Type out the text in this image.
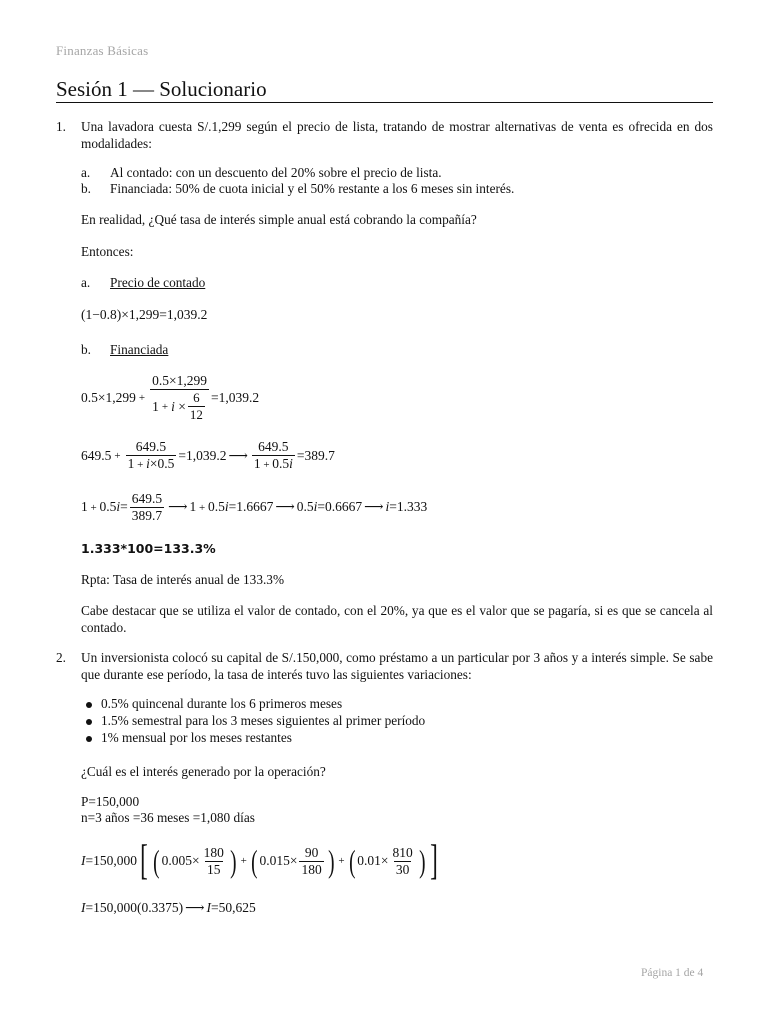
Finanzas Básicas
Sesión 1 — Solucionario
1. Una lavadora cuesta S/.1,299 según el precio de lista, tratando de mostrar alternativas de venta es ofrecida en dos modalidades:
a. Al contado: con un descuento del 20% sobre el precio de lista.
b. Financiada: 50% de cuota inicial y el 50% restante a los 6 meses sin interés.
En realidad, ¿Qué tasa de interés simple anual está cobrando la compañía?
Entonces:
a. Precio de contado
(1−0.8)×1,299=1,039.2
b. Financiada
$0.5\times 1,299 + \frac{0.5\times 1,299}{1 + i \times \frac{6}{12}} =1,039.2$
$649.5 + \frac{649.5}{1 + i\times 0.5} =1,039.2$ ⟶ $\frac{649.5}{1 + 0.5i} =389.7$
$1 + 0.5i= \frac{649.5}{389.7}$ ⟶ 1 + 0.5i=1.6667 ⟶ 0.5i=0.6667 ⟶ i=1.333
1.333*100=133.3%
Rpta: Tasa de interés anual de 133.3%
Cabe destacar que se utiliza el valor de contado, con el 20%, ya que es el valor que se pagaría, si es que se cancela al contado.
2. Un inversionista colocó su capital de S/.150,000, como préstamo a un particular por 3 años y a interés simple. Se sabe que durante ese período, la tasa de interés tuvo las siguientes variaciones:
0.5% quincenal durante los 6 primeros meses
1.5% semestral para los 3 meses siguientes al primer período
1% mensual por los meses restantes
¿Cuál es el interés generado por la operación?
P=150,000
n=3 años =36 meses =1,080 días
I =150,000 [ ( $0.005\times \frac{180}{15}$ ) + ( $0.015\times \frac{90}{180}$ ) + ( $0.01\times \frac{810}{30}$ ) ]
I =150,000(0.3375) ⟶ I =50,625
Página 1 de 4
